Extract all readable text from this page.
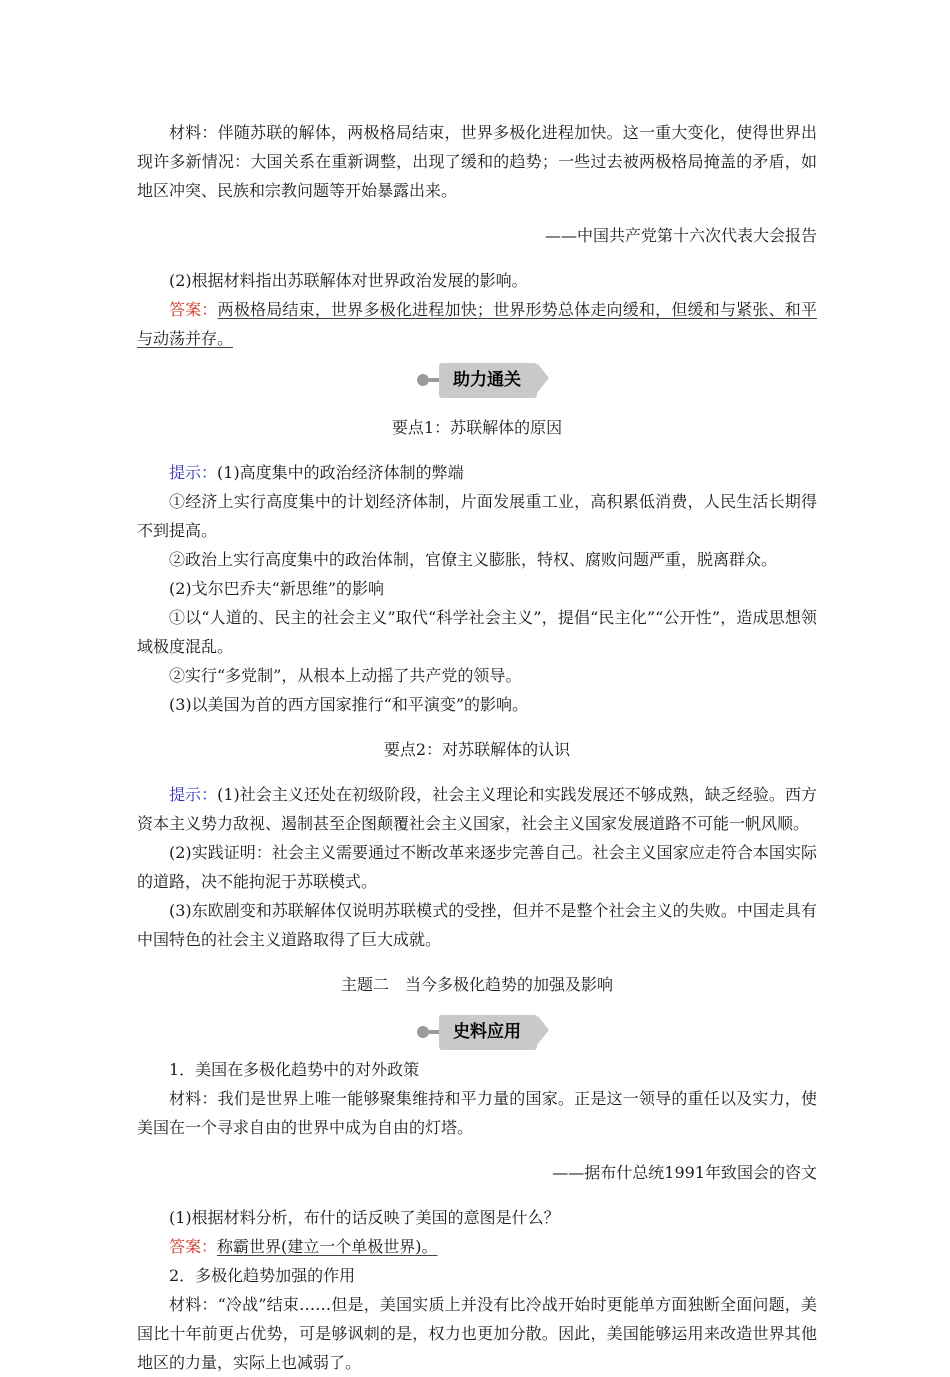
材料：伴随苏联的解体，两极格局结束，世界多极化进程加快。这一重大变化，使得世界出现许多新情况：大国关系在重新调整，出现了缓和的趋势；一些过去被两极格局掩盖的矛盾，如地区冲突、民族和宗教问题等开始暴露出来。

——中国共产党第十六次代表大会报告

(2)根据材料指出苏联解体对世界政治发展的影响。

答案：两极格局结束，世界多极化进程加快；世界形势总体走向缓和，但缓和与紧张、和平与动荡并存。

助力通关

要点1：苏联解体的原因

提示：(1)高度集中的政治经济体制的弊端

①经济上实行高度集中的计划经济体制，片面发展重工业，高积累低消费，人民生活长期得不到提高。

②政治上实行高度集中的政治体制，官僚主义膨胀，特权、腐败问题严重，脱离群众。

(2)戈尔巴乔夫“新思维”的影响

①以“人道的、民主的社会主义”取代“科学社会主义”，提倡“民主化”“公开性”，造成思想领域极度混乱。

②实行“多党制”，从根本上动摇了共产党的领导。

(3)以美国为首的西方国家推行“和平演变”的影响。

要点2：对苏联解体的认识

提示：(1)社会主义还处在初级阶段，社会主义理论和实践发展还不够成熟，缺乏经验。西方资本主义势力敌视、遏制甚至企图颠覆社会主义国家，社会主义国家发展道路不可能一帆风顺。

(2)实践证明：社会主义需要通过不断改革来逐步完善自己。社会主义国家应走符合本国实际的道路，决不能拘泥于苏联模式。

(3)东欧剧变和苏联解体仅说明苏联模式的受挫，但并不是整个社会主义的失败。中国走具有中国特色的社会主义道路取得了巨大成就。

主题二　当今多极化趋势的加强及影响

史料应用

1．美国在多极化趋势中的对外政策

材料：我们是世界上唯一能够聚集维持和平力量的国家。正是这一领导的重任以及实力，使美国在一个寻求自由的世界中成为自由的灯塔。

——据布什总统1991年致国会的咨文

(1)根据材料分析，布什的话反映了美国的意图是什么？

答案：称霸世界(建立一个单极世界)。

2．多极化趋势加强的作用

材料：“冷战”结束……但是，美国实质上并没有比冷战开始时更能单方面独断全面问题，美国比十年前更占优势，可是够讽刺的是，权力也更加分散。因此，美国能够运用来改造世界其他地区的力量，实际上也减弱了。
